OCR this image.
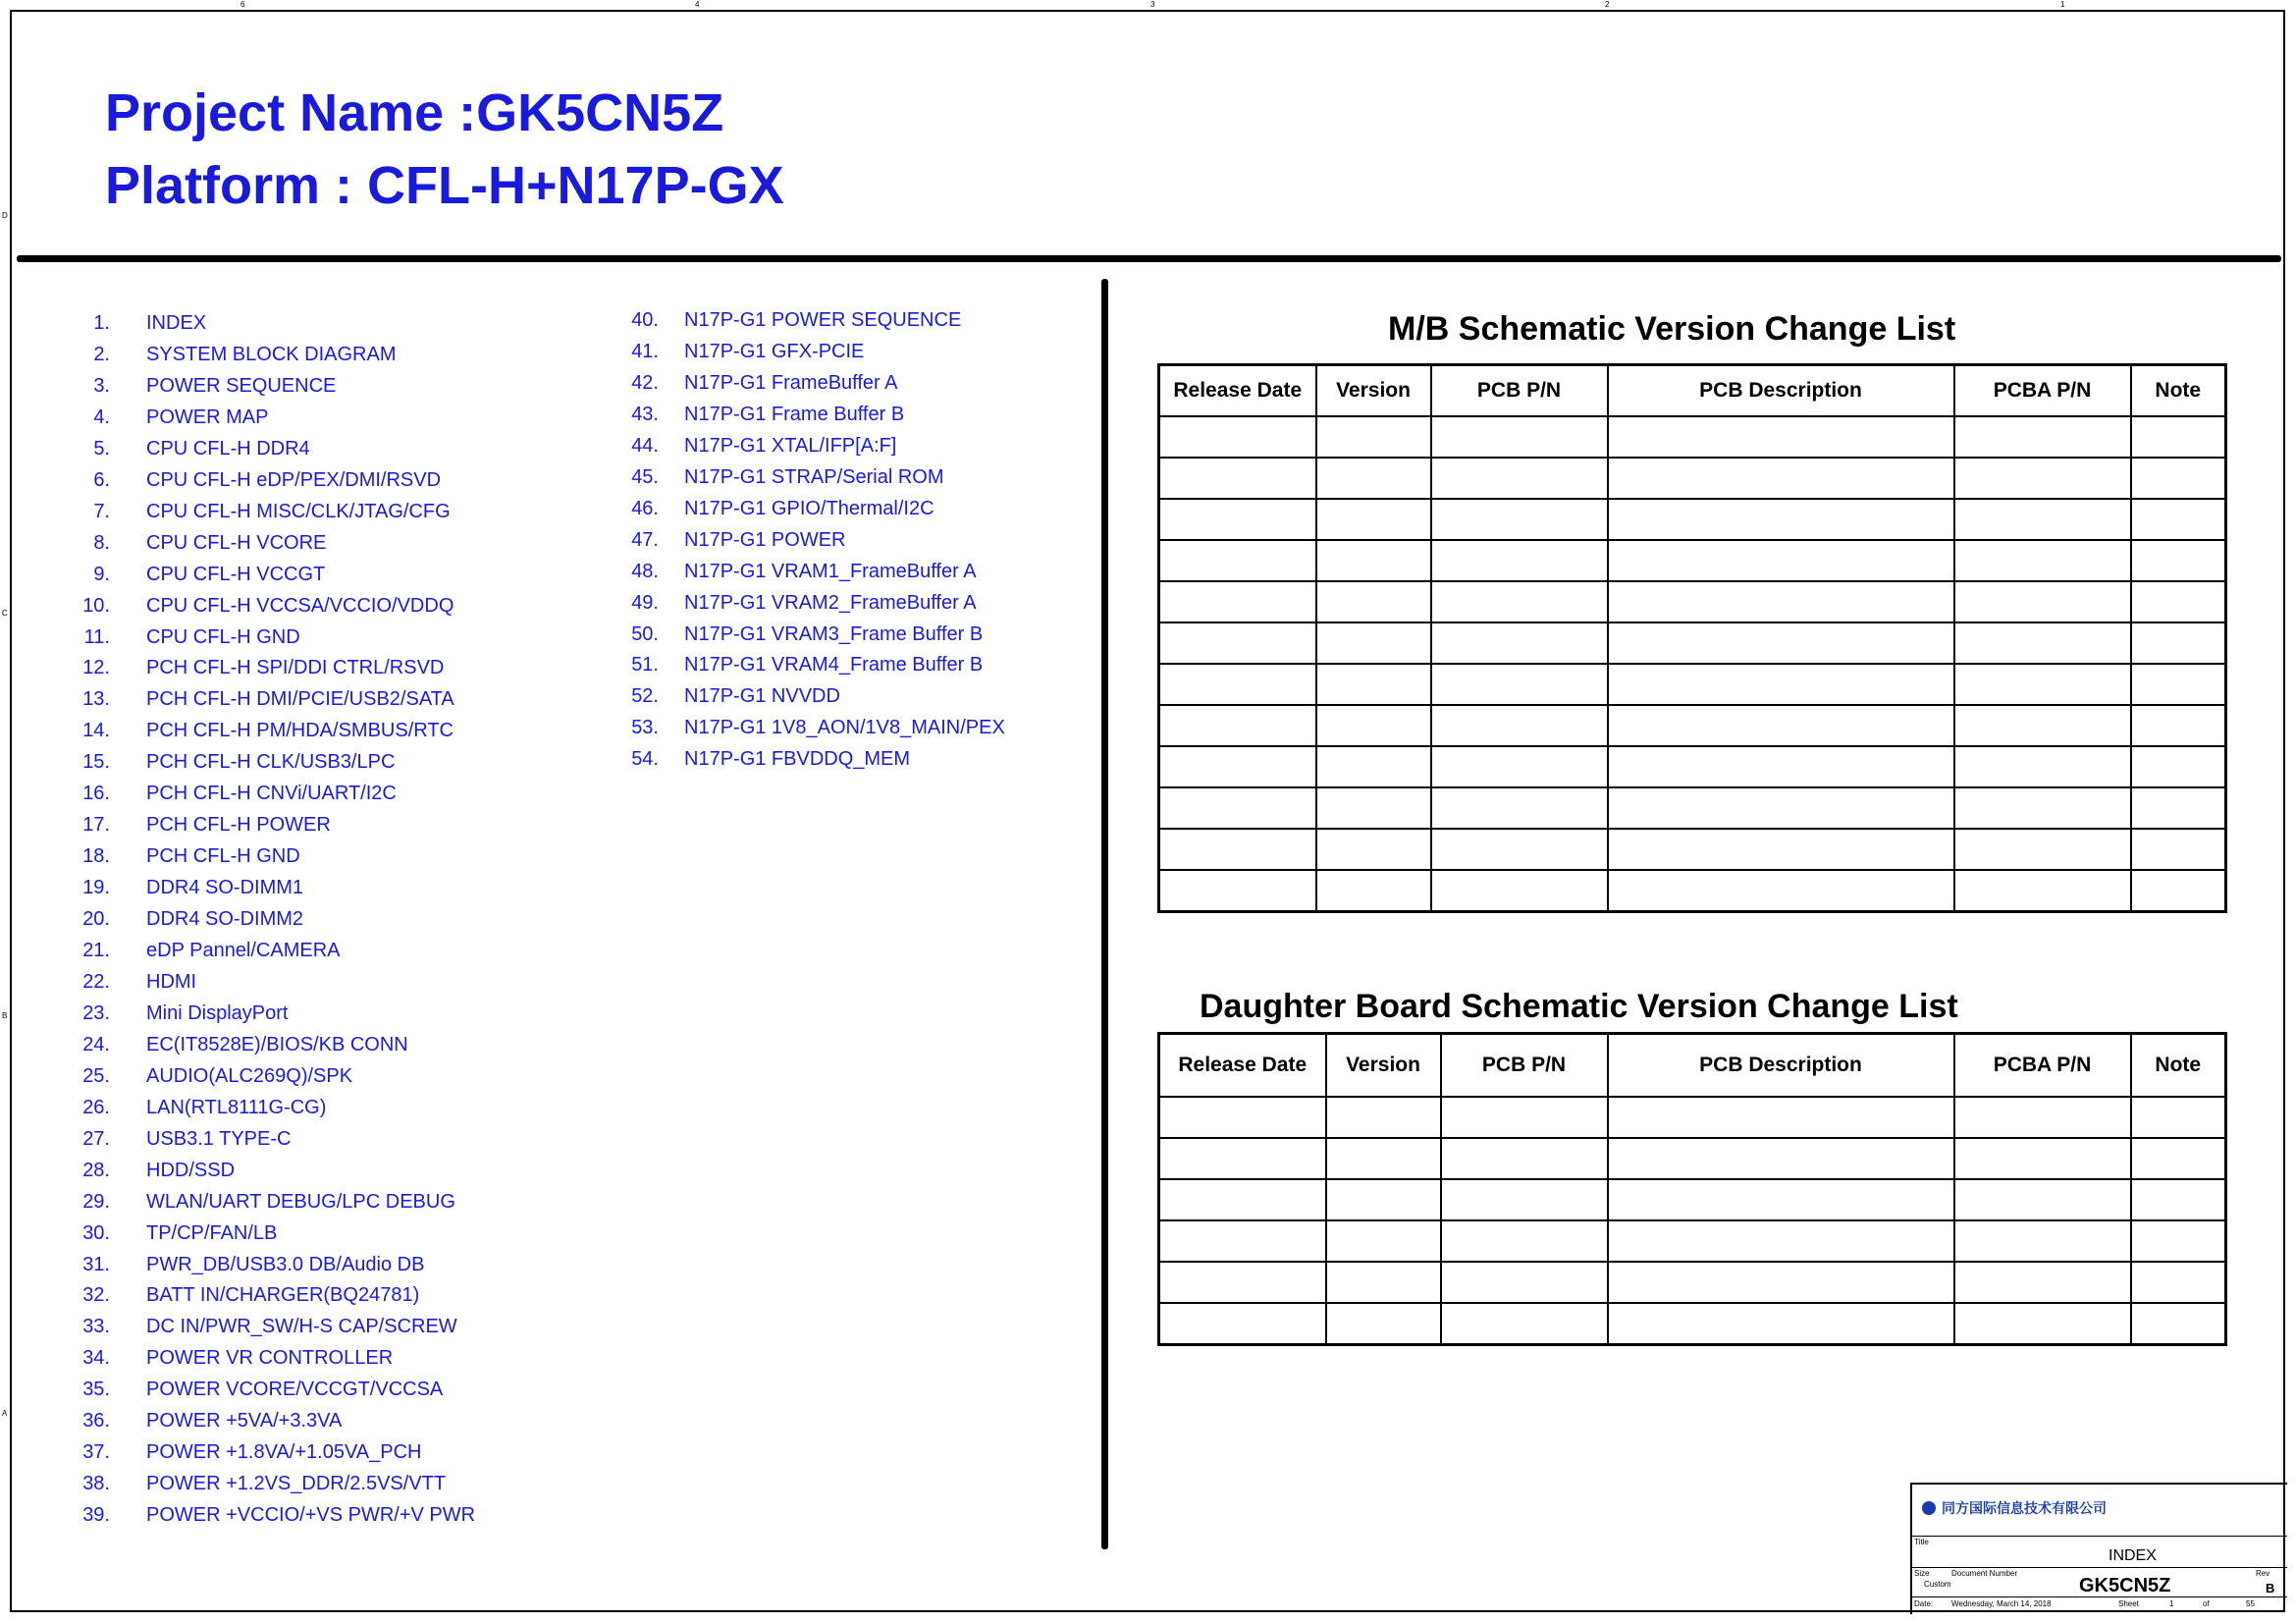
6	4	3	2	1
D
C
B
A
Project Name :GK5CN5Z
Platform : CFL-H+N17P-GX
1. INDEX
2. SYSTEM BLOCK DIAGRAM
3. POWER SEQUENCE
4. POWER MAP
5. CPU CFL-H DDR4
6. CPU CFL-H eDP/PEX/DMI/RSVD
7. CPU CFL-H MISC/CLK/JTAG/CFG
8. CPU CFL-H VCORE
9. CPU CFL-H VCCGT
10. CPU CFL-H VCCSA/VCCIO/VDDQ
11. CPU CFL-H GND
12. PCH CFL-H SPI/DDI CTRL/RSVD
13. PCH CFL-H DMI/PCIE/USB2/SATA
14. PCH CFL-H PM/HDA/SMBUS/RTC
15. PCH CFL-H CLK/USB3/LPC
16. PCH CFL-H CNVi/UART/I2C
17. PCH CFL-H POWER
18. PCH CFL-H GND
19. DDR4 SO-DIMM1
20. DDR4 SO-DIMM2
21. eDP Pannel/CAMERA
22. HDMI
23. Mini DisplayPort
24. EC(IT8528E)/BIOS/KB CONN
25. AUDIO(ALC269Q)/SPK
26. LAN(RTL8111G-CG)
27. USB3.1 TYPE-C
28. HDD/SSD
29. WLAN/UART DEBUG/LPC DEBUG
30. TP/CP/FAN/LB
31. PWR_DB/USB3.0 DB/Audio DB
32. BATT IN/CHARGER(BQ24781)
33. DC IN/PWR_SW/H-S CAP/SCREW
34. POWER VR CONTROLLER
35. POWER VCORE/VCCGT/VCCSA
36. POWER +5VA/+3.3VA
37. POWER +1.8VA/+1.05VA_PCH
38. POWER +1.2VS_DDR/2.5VS/VTT
39. POWER +VCCIO/+VS PWR/+V PWR
40. N17P-G1 POWER SEQUENCE
41. N17P-G1 GFX-PCIE
42. N17P-G1 FrameBuffer A
43. N17P-G1 Frame Buffer B
44. N17P-G1 XTAL/IFP[A:F]
45. N17P-G1 STRAP/Serial ROM
46. N17P-G1 GPIO/Thermal/I2C
47. N17P-G1 POWER
48. N17P-G1 VRAM1_FrameBuffer A
49. N17P-G1 VRAM2_FrameBuffer A
50. N17P-G1 VRAM3_Frame Buffer B
51. N17P-G1 VRAM4_Frame Buffer B
52. N17P-G1 NVVDD
53. N17P-G1 1V8_AON/1V8_MAIN/PEX
54. N17P-G1 FBVDDQ_MEM
M/B Schematic Version Change List
Release Date	Version	PCB P/N	PCB Description	PCBA P/N	Note

Daughter Board Schematic Version Change List
Release Date	Version	PCB P/N	PCB Description	PCBA P/N	Note

同方国际信息技术有限公司
Title
INDEX
Size
Custom
Document Number
GK5CN5Z
Rev
B
Date: Wednesday, March 14, 2018	Sheet	1	of	55
